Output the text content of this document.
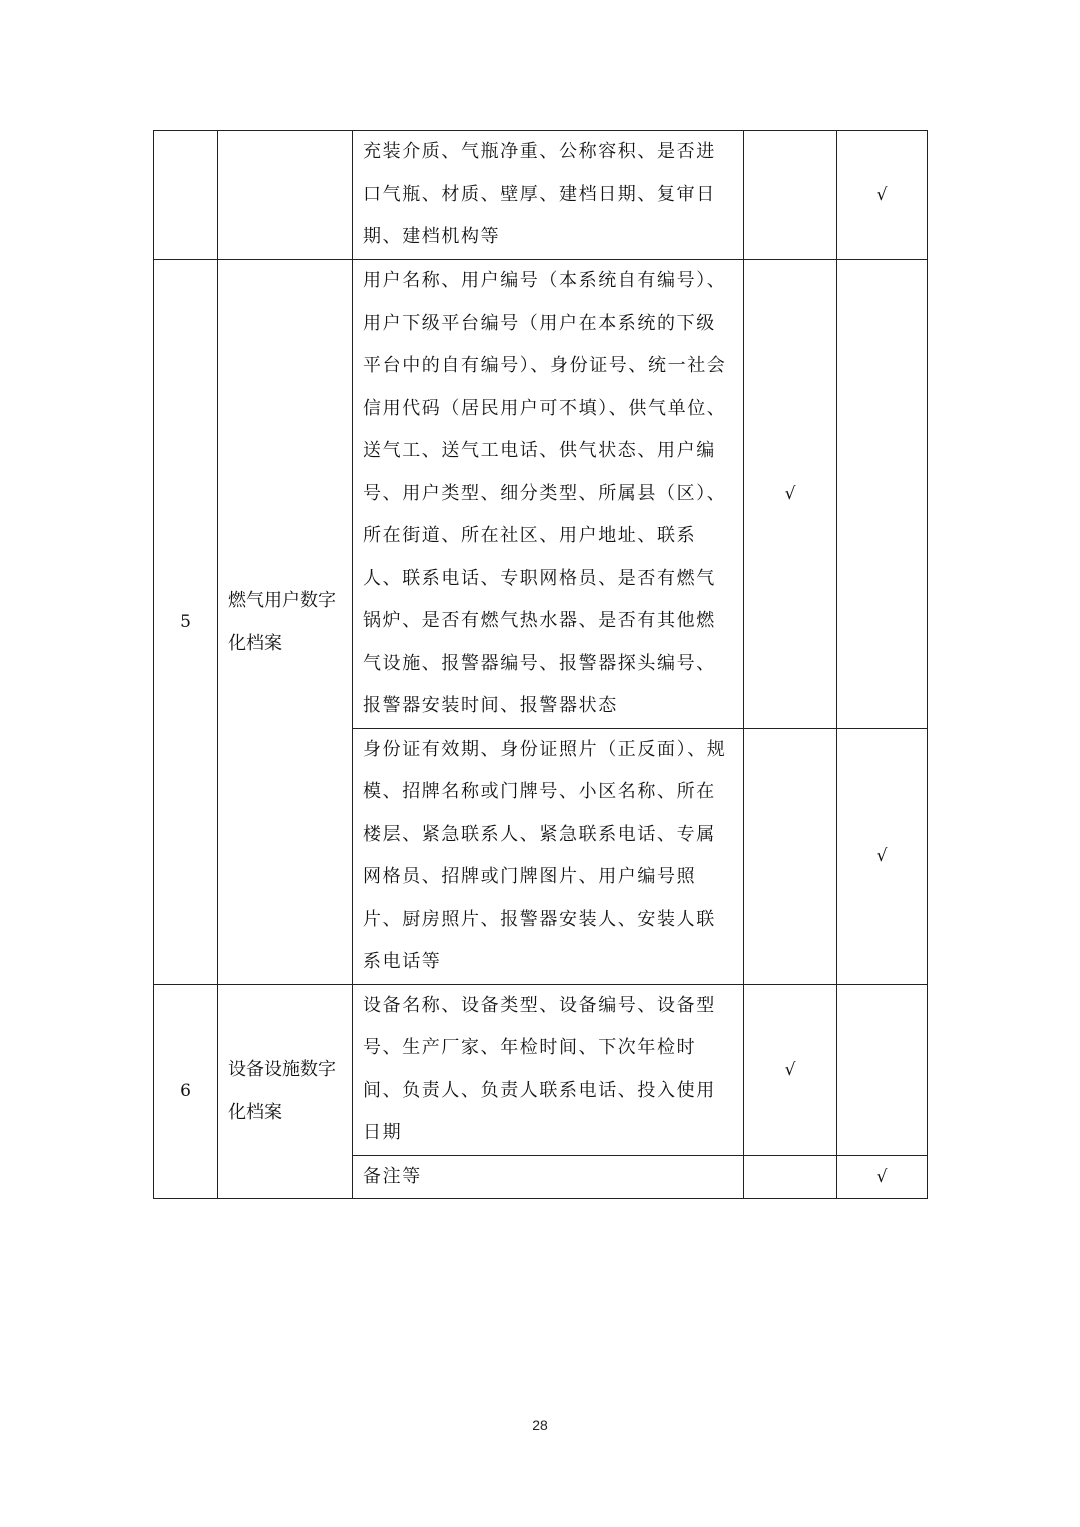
		充装介质、气瓶净重、公称容积、是否进口气瓶、材质、壁厚、建档日期、复审日期、建档机构等		√
5	燃气用户数字化档案	用户名称、用户编号（本系统自有编号）、用户下级平台编号（用户在本系统的下级平台中的自有编号）、身份证号、统一社会信用代码（居民用户可不填）、供气单位、送气工、送气工电话、供气状态、用户编号、用户类型、细分类型、所属县（区）、所在街道、所在社区、用户地址、联系人、联系电话、专职网格员、是否有燃气锅炉、是否有燃气热水器、是否有其他燃气设施、报警器编号、报警器探头编号、报警器安装时间、报警器状态	√	
		身份证有效期、身份证照片（正反面）、规模、招牌名称或门牌号、小区名称、所在楼层、紧急联系人、紧急联系电话、专属网格员、招牌或门牌图片、用户编号照片、厨房照片、报警器安装人、安装人联系电话等		√
6	设备设施数字化档案	设备名称、设备类型、设备编号、设备型号、生产厂家、年检时间、下次年检时间、负责人、负责人联系电话、投入使用日期	√	
		备注等		√
28
